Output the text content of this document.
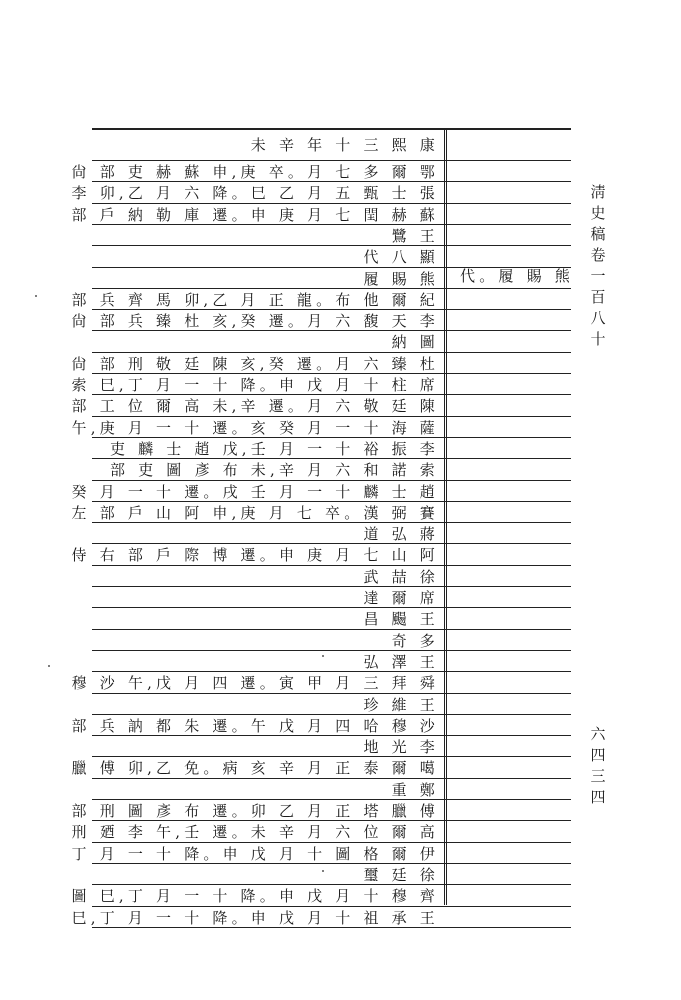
未 辛 年 十 三 熙 康
尙 部 吏 赫 蘇 申,庚 卒。月 七 多 爾 鄂
李 卯,乙 月 六 降。巳 乙 月 五 甄 士 張
部 戶 納 勒 庫 遷。申 庚 月 七 閏 赫 蘇
鷺 王
代 八 顯
履 賜 熊
部 兵 齊 馬 卯,乙 月 正 龍。布 他 爾 紀
尙 部 兵 臻 杜 亥,癸 遷。月 六 馥 天 李
納 圖
尙 部 刑 敬 廷 陳 亥,癸 遷。月 六 臻 杜
索 巳,丁 月 一 十 降。申 戊 月 十 柱 席
部 工 位 爾 高 未,辛 遷。月 六 敬 廷 陳
午,庚 月 一 十 遷。亥 癸 月 一 十 海 薩
吏 麟 士 趙 戊,壬 月 一 十 裕 振 李
部 吏 圖 彥 布 未,辛 月 六 和 諾 索
癸 月 一 十 遷。戌 壬 月 一 十 麟 士 趙
左 部 戶 山 阿 申,庚 月 七 卒。漢 弼 賽
道 弘 蔣
侍 右 部 戶 際 博 遷。申 庚 月 七 山 阿
武 喆 徐
達 爾 席
昌 颺 王
奇 多
弘 澤 王
穆 沙 午,戊 月 四 遷。寅 甲 月 三 拜 舜
珍 維 王
部 兵 訥 都 朱 遷。午 戊 月 四 哈 穆 沙
地 光 李
臘 傅 卯,乙 免。病 亥 辛 月 正 泰 爾 噶
重 鄭
部 刑 圖 彥 布 遷。卯 乙 月 正 塔 臘 傅
刑 廼 李 午,壬 遷。未 辛 月 六 位 爾 高
丁 月 一 十 降。申 戊 月 十 圖 格 爾 伊
璽 廷 徐
圖 巳,丁 月 一 十 降。申 戊 月 十 穆 齊
巳,丁 月 一 十 降。申 戊 月 十 祖 承 王
代。履 賜 熊
淸
史
稿
卷
一
百
八
十
六
四
三
四
